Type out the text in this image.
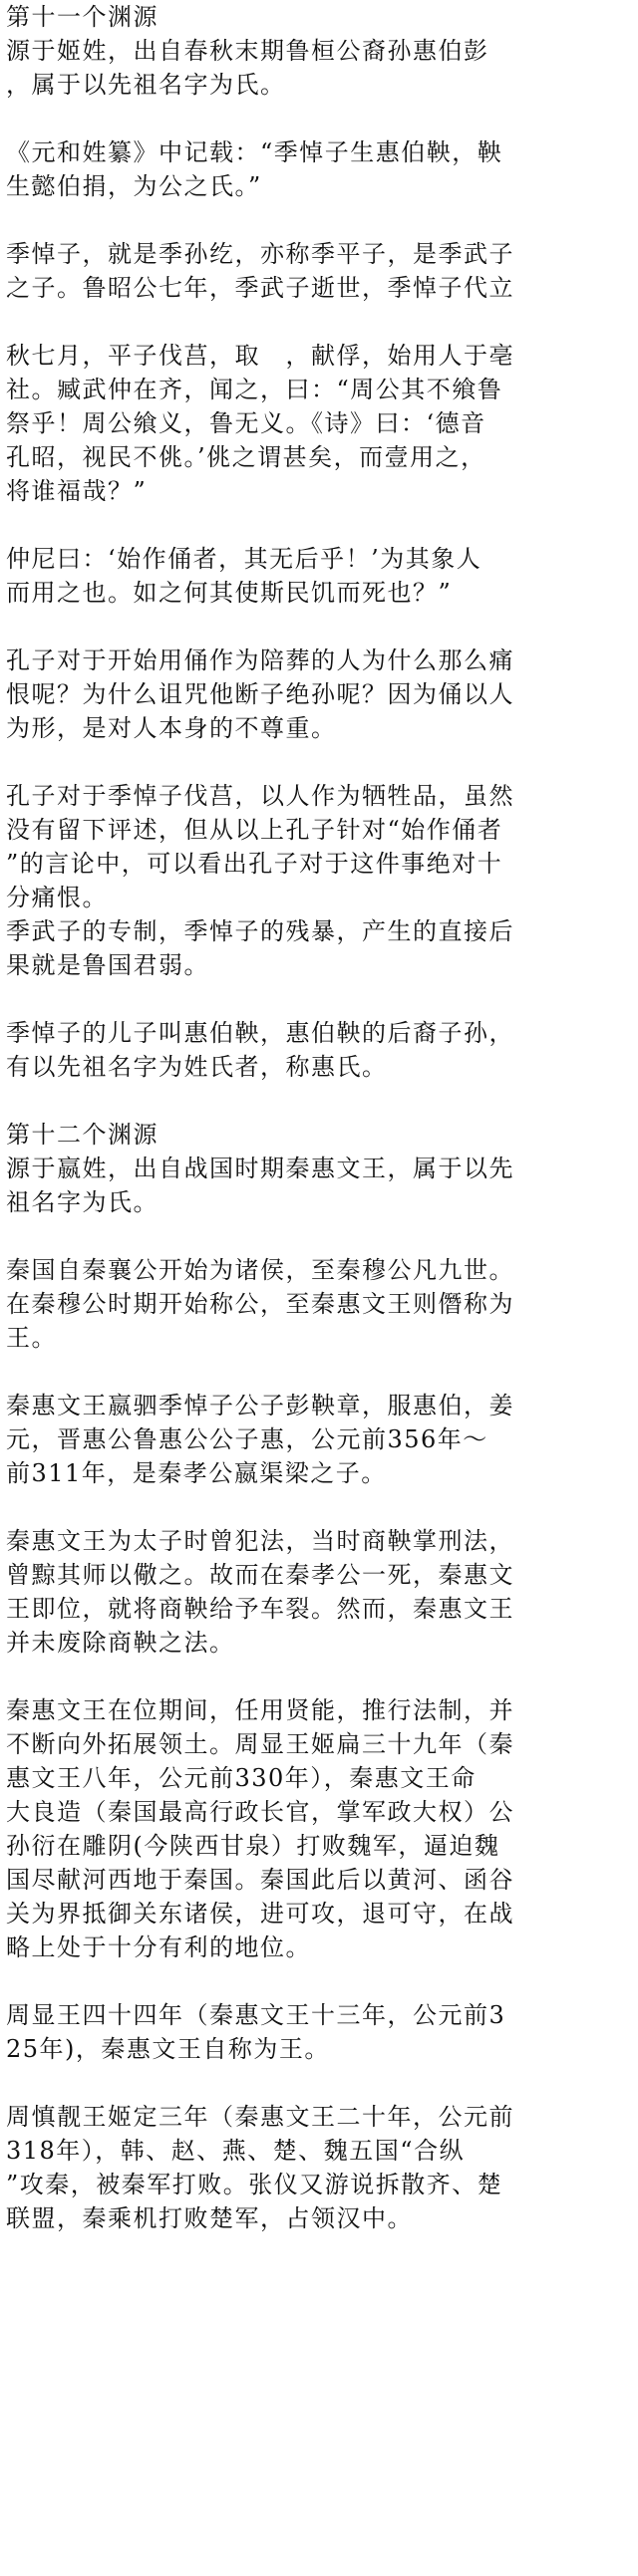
第十一个渊源
源于姬姓，出自春秋末期鲁桓公裔孙惠伯彭
，属于以先祖名字为氏。
《元和姓纂》中记载：“季悼子生惠伯鞅，鞅
生懿伯捐，为公之氏。”
季悼子，就是季孙纥，亦称季平子，是季武子
之子。鲁昭公七年，季武子逝世，季悼子代立
秋七月，平子伐莒，取　，献俘，始用人于亳
社。臧武仲在齐，闻之，曰：“周公其不飨鲁
祭乎！周公飨义，鲁无义。《诗》曰：‘德音
孔昭，视民不佻。’佻之谓甚矣，而壹用之，
将谁福哉？”
仲尼曰：‘始作俑者，其无后乎！’为其象人
而用之也。如之何其使斯民饥而死也？”
孔子对于开始用俑作为陪葬的人为什么那么痛
恨呢？为什么诅咒他断子绝孙呢？因为俑以人
为形，是对人本身的不尊重。
孔子对于季悼子伐莒，以人作为牺牲品，虽然
没有留下评述，但从以上孔子针对“始作俑者
”的言论中，可以看出孔子对于这件事绝对十
分痛恨。
季武子的专制，季悼子的残暴，产生的直接后
果就是鲁国君弱。
季悼子的儿子叫惠伯鞅，惠伯鞅的后裔子孙，
有以先祖名字为姓氏者，称惠氏。
第十二个渊源
源于嬴姓，出自战国时期秦惠文王，属于以先
祖名字为氏。
秦国自秦襄公开始为诸侯，至秦穆公凡九世。
在秦穆公时期开始称公，至秦惠文王则僭称为
王。
秦惠文王嬴驷季悼子公子彭鞅章，服惠伯，姜
元，晋惠公鲁惠公公子惠，公元前356年～
前311年，是秦孝公嬴渠梁之子。
秦惠文王为太子时曾犯法，当时商鞅掌刑法，
曾黥其师以儆之。故而在秦孝公一死，秦惠文
王即位，就将商鞅给予车裂。然而，秦惠文王
并未废除商鞅之法。
秦惠文王在位期间，任用贤能，推行法制，并
不断向外拓展领土。周显王姬扁三十九年（秦
惠文王八年，公元前330年），秦惠文王命
大良造（秦国最高行政长官，掌军政大权）公
孙衍在雕阴(今陕西甘泉）打败魏军，逼迫魏
国尽献河西地于秦国。秦国此后以黄河、函谷
关为界抵御关东诸侯，进可攻，退可守，在战
略上处于十分有利的地位。
周显王四十四年（秦惠文王十三年，公元前3
25年)，秦惠文王自称为王。
周慎靓王姬定三年（秦惠文王二十年，公元前
318年），韩、赵、燕、楚、魏五国“合纵
”攻秦，被秦军打败。张仪又游说拆散齐、楚
联盟，秦乘机打败楚军，占领汉中。
